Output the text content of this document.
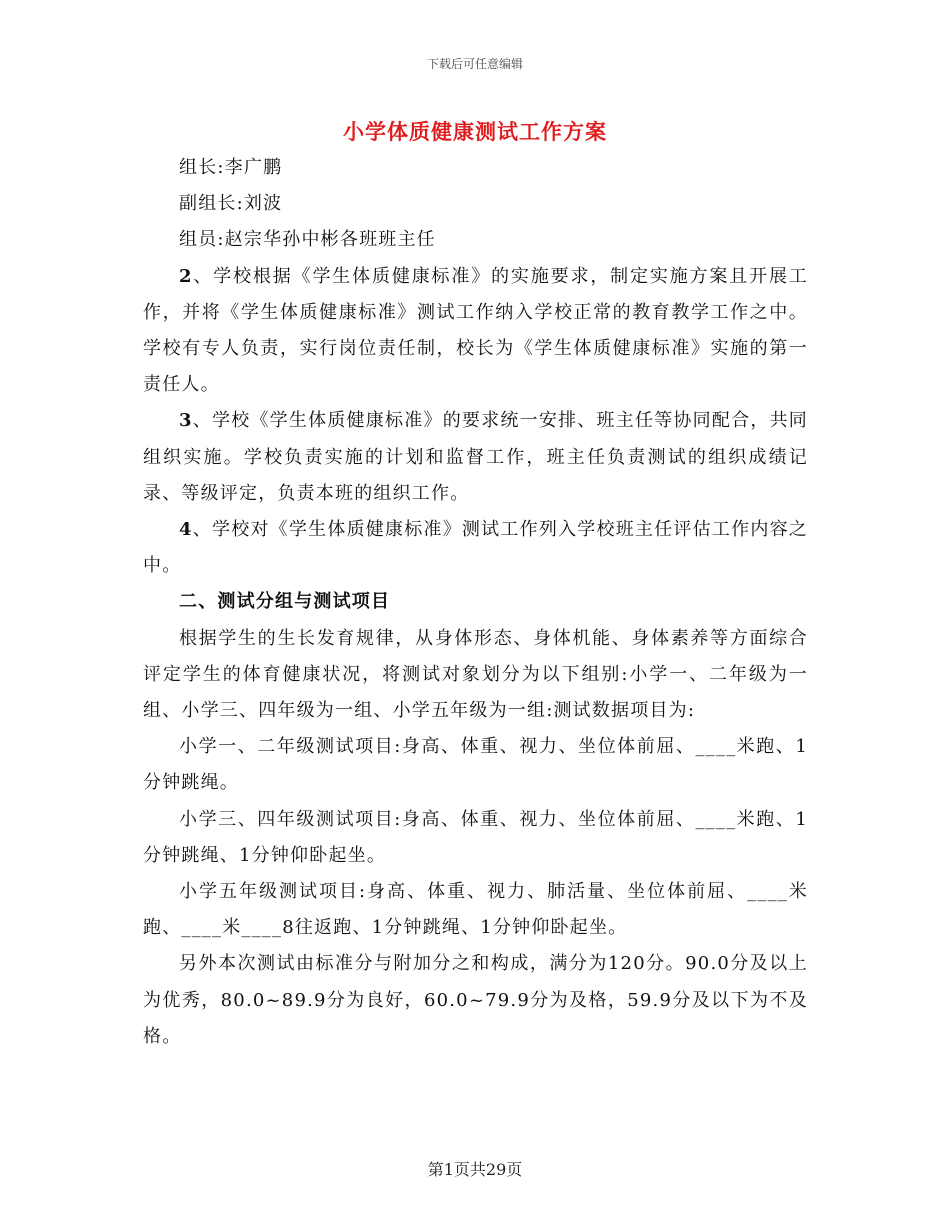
下载后可任意编辑
小学体质健康测试工作方案

组长:李广鹏

副组长:刘波

组员:赵宗华孙中彬各班班主任

2、学校根据《学生体质健康标准》的实施要求，制定实施方案且开展工作，并将《学生体质健康标准》测试工作纳入学校正常的教育教学工作之中。学校有专人负责，实行岗位责任制，校长为《学生体质健康标准》实施的第一责任人。

3、学校《学生体质健康标准》的要求统一安排、班主任等协同配合，共同组织实施。学校负责实施的计划和监督工作，班主任负责测试的组织成绩记录、等级评定，负责本班的组织工作。

4、学校对《学生体质健康标准》测试工作列入学校班主任评估工作内容之中。

二、测试分组与测试项目

根据学生的生长发育规律，从身体形态、身体机能、身体素养等方面综合评定学生的体育健康状况，将测试对象划分为以下组别:小学一、二年级为一组、小学三、四年级为一组、小学五年级为一组:测试数据项目为:

小学一、二年级测试项目:身高、体重、视力、坐位体前屈、____米跑、1分钟跳绳。

小学三、四年级测试项目:身高、体重、视力、坐位体前屈、____米跑、1分钟跳绳、1分钟仰卧起坐。

小学五年级测试项目:身高、体重、视力、肺活量、坐位体前屈、____米跑、____米____8往返跑、1分钟跳绳、1分钟仰卧起坐。

另外本次测试由标准分与附加分之和构成，满分为120分。90.0分及以上为优秀，80.0~89.9分为良好，60.0~79.9分为及格，59.9分及以下为不及格。

第1页共29页
